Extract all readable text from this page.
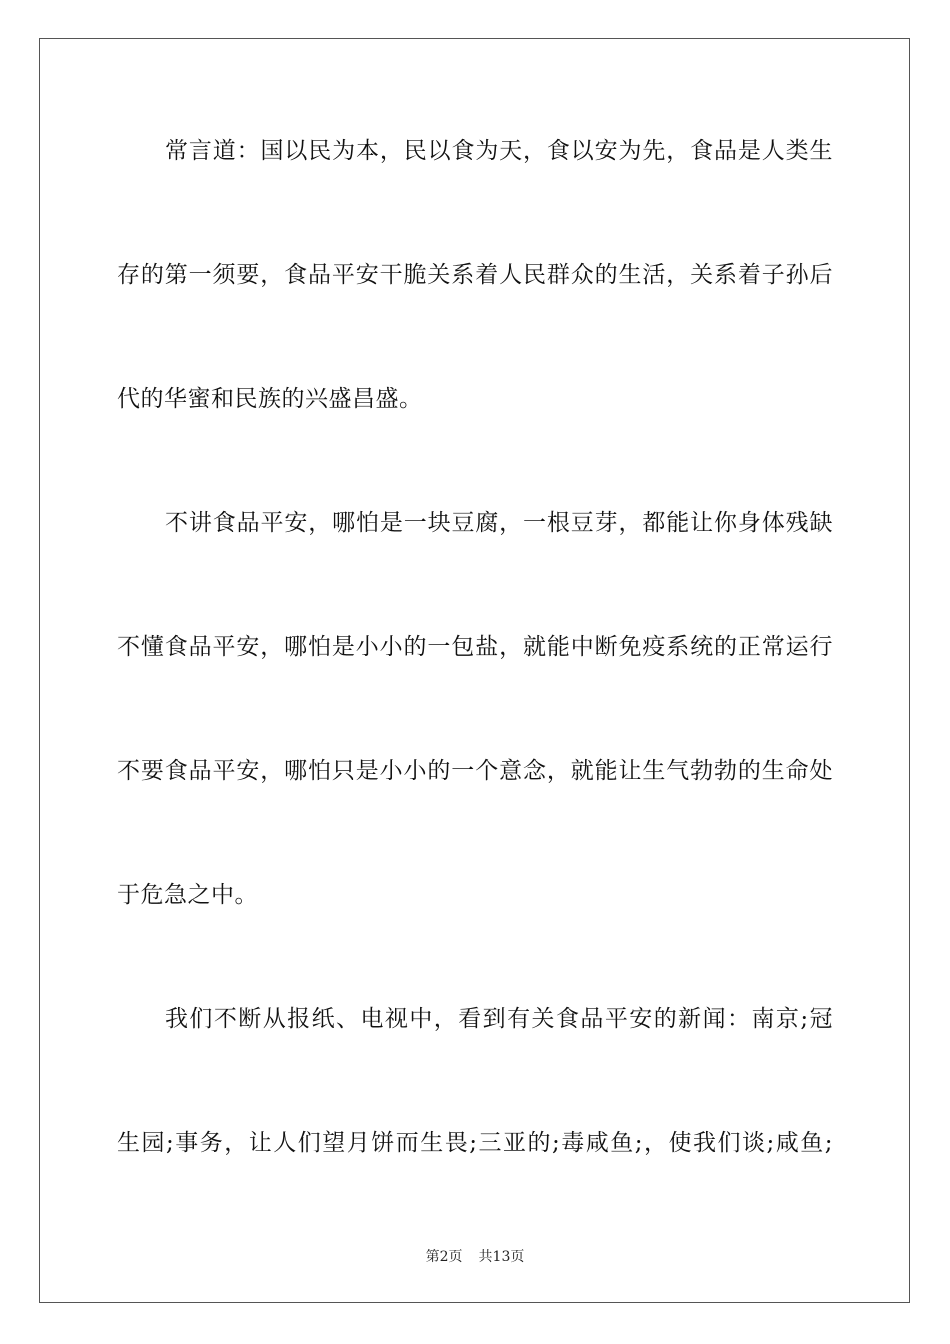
常言道：国以民为本，民以食为天，食以安为先，食品是人类生
存的第一须要，食品平安干脆关系着人民群众的生活，关系着子孙后
代的华蜜和民族的兴盛昌盛。
不讲食品平安，哪怕是一块豆腐，一根豆芽，都能让你身体残缺
不懂食品平安，哪怕是小小的一包盐，就能中断免疫系统的正常运行
不要食品平安，哪怕只是小小的一个意念，就能让生气勃勃的生命处
于危急之中。
我们不断从报纸、电视中，看到有关食品平安的新闻：南京;冠
生园;事务，让人们望月饼而生畏;三亚的;毒咸鱼;，使我们谈;咸鱼;
第2页 共13页
